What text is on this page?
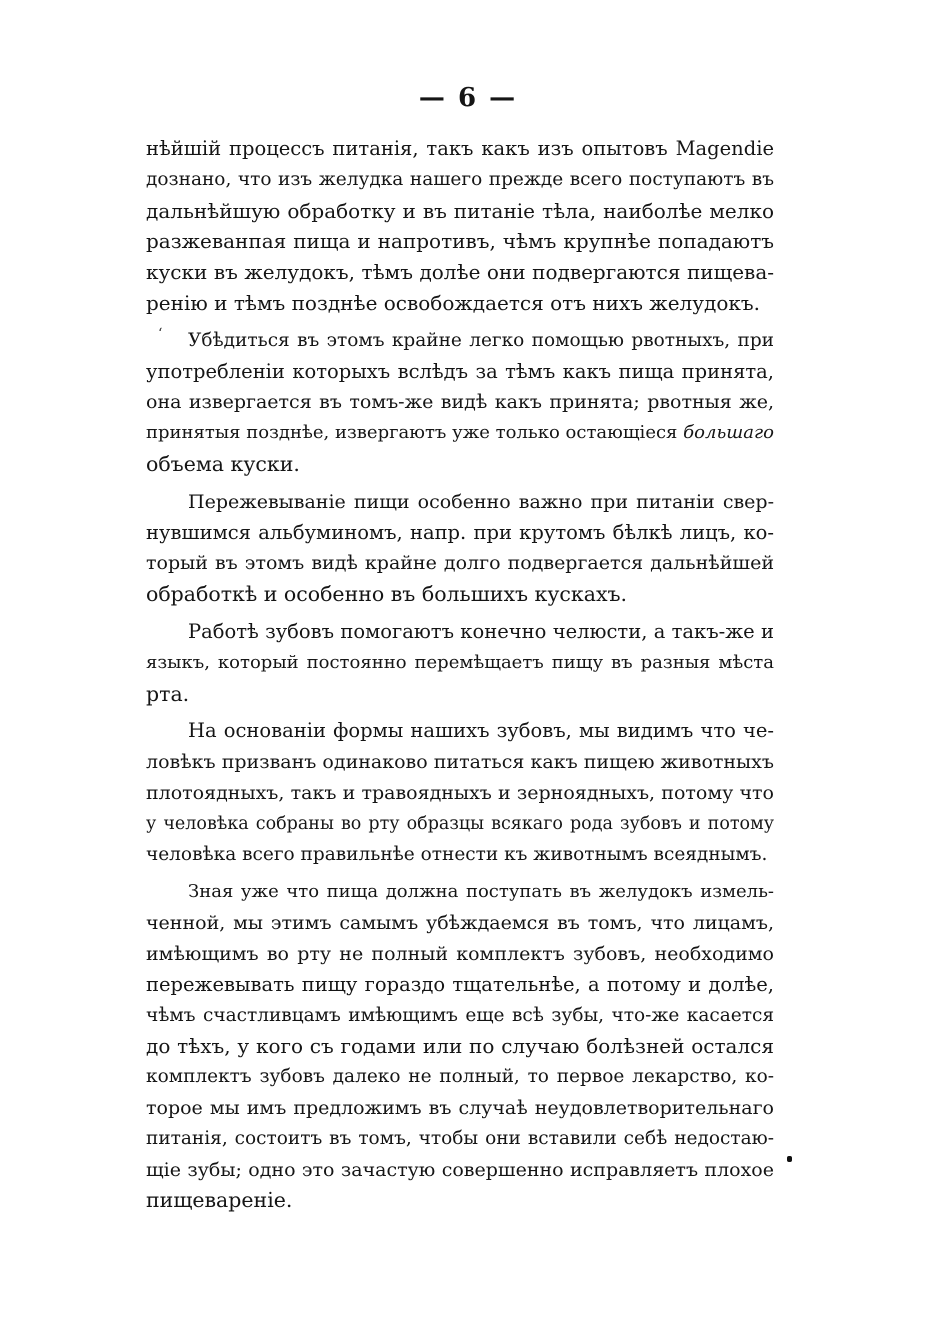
— 6 —
‘
нѣйшій процессъ питанія, такъ какъ изъ опытовъ Magendie
дознано, что изъ желудка нашего прежде всего поступаютъ въ
дальнѣйшую обработку и въ питаніе тѣла, наиболѣе мелко
разжеванпая пища и напротивъ, чѣмъ крупнѣе попадаютъ
куски въ желудокъ, тѣмъ долѣе они подвергаются пищева-
ренію и тѣмъ позднѣе освобождается отъ нихъ желудокъ.
Убѣдиться въ этомъ крайне легко помощью рвотныхъ, при
употребленіи которыхъ вслѣдъ за тѣмъ какъ пища принята,
она извергается въ томъ-же видѣ какъ принята; рвотныя же,
принятыя позднѣе, извергаютъ уже только остающіеся большаго
объема куски.
Пережевываніе пищи особенно важно при питаніи свер-
нувшимся альбуминомъ, напр. при крутомъ бѣлкѣ лицъ, ко-
торый въ этомъ видѣ крайне долго подвергается дальнѣйшей
обработкѣ и особенно въ большихъ кускахъ.
Работѣ зубовъ помогаютъ конечно челюсти, а такъ-же и
языкъ, который постоянно перемѣщаетъ пищу въ разныя мѣста
рта.
На основаніи формы нашихъ зубовъ, мы видимъ что че-
ловѣкъ призванъ одинаково питаться какъ пищею животныхъ
плотоядныхъ, такъ и травоядныхъ и зерноядныхъ, потому что
у человѣка собраны во рту образцы всякаго рода зубовъ и потому
человѣка всего правильнѣе отнести къ животнымъ всеяднымъ.
Зная уже что пища должна поступать въ желудокъ измель-
ченной, мы этимъ самымъ убѣждаемся въ томъ, что лицамъ,
имѣющимъ во рту не полный комплектъ зубовъ, необходимо
пережевывать пищу гораздо тщательнѣе, а потому и долѣе,
чѣмъ счастливцамъ имѣющимъ еще всѣ зубы, что-же касается
до тѣхъ, у кого съ годами или по случаю болѣзней остался
комплектъ зубовъ далеко не полный, то первое лекарство, ко-
торое мы имъ предложимъ въ случаѣ неудовлетворительнаго
питанія, состоитъ въ томъ, чтобы они вставили себѣ недостаю-
щіе зубы; одно это зачастую совершенно исправляетъ плохое
пищевареніе.
